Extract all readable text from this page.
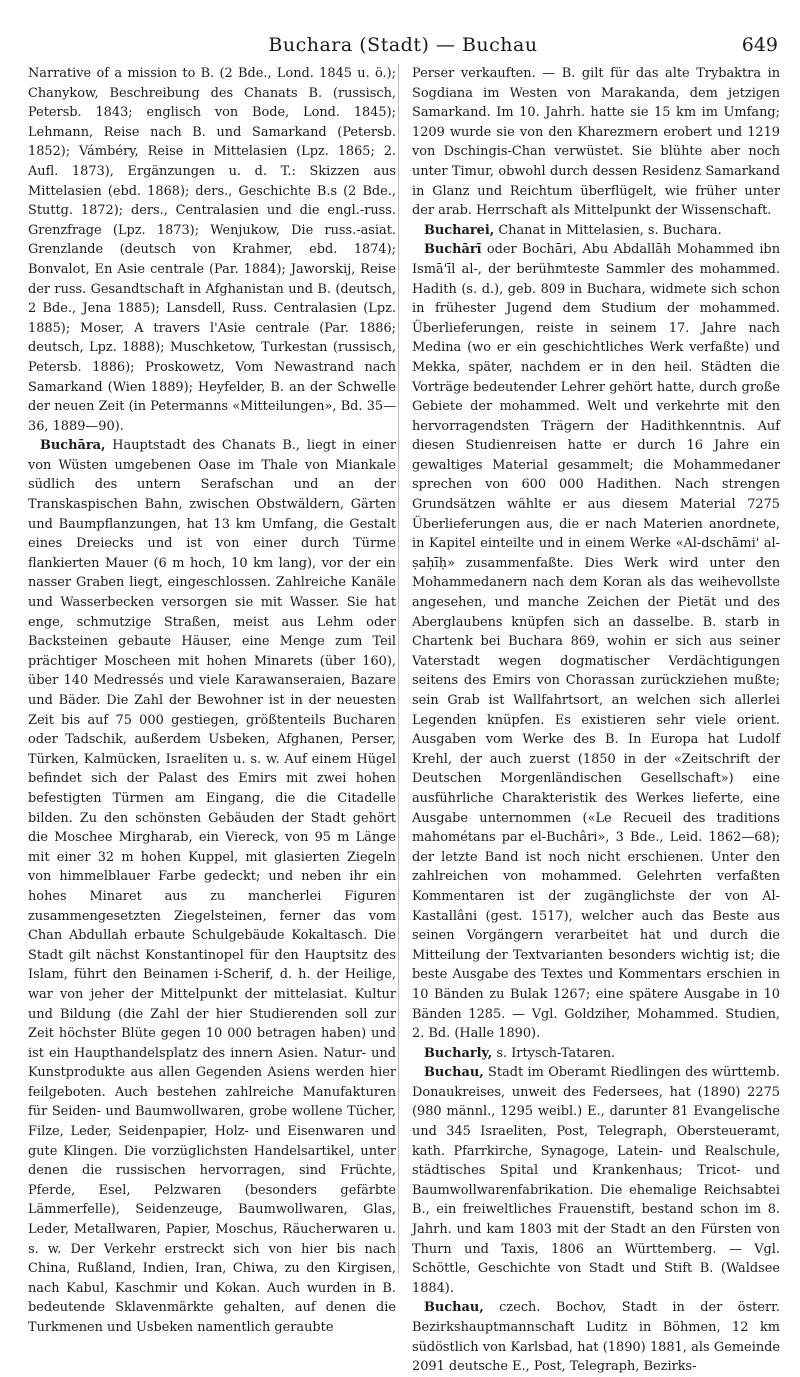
Buchara (Stadt) — Buchau	649

Narrative of a mission to B. (2 Bde., Lond. 1845 u. ö.); Chanykow, Beschreibung des Chanats B. (russisch, Petersb. 1843; englisch von Bode, Lond. 1845); Lehmann, Reise nach B. und Samarkand (Petersb. 1852); Vámbéry, Reise in Mittelasien (Lpz. 1865; 2. Aufl. 1873), Ergänzungen u. d. T.: Skizzen aus Mittelasien (ebd. 1868); ders., Geschichte B.s (2 Bde., Stuttg. 1872); ders., Centralasien und die engl.-russ. Grenzfrage (Lpz. 1873); Wenjukow, Die russ.-asiat. Grenzlande (deutsch von Krahmer, ebd. 1874); Bonvalot, En Asie centrale (Par. 1884); Jaworskij, Reise der russ. Gesandtschaft in Afghanistan und B. (deutsch, 2 Bde., Jena 1885); Lansdell, Russ. Centralasien (Lpz. 1885); Moser, A travers l'Asie centrale (Par. 1886; deutsch, Lpz. 1888); Muschketow, Turkestan (russisch, Petersb. 1886); Proskowetz, Vom Newastrand nach Samarkand (Wien 1889); Heyfelder, B. an der Schwelle der neuen Zeit (in Petermanns «Mitteilungen», Bd. 35—36, 1889—90).

Buchāra, Hauptstadt des Chanats B., liegt in einer von Wüsten umgebenen Oase im Thale von Miankale südlich des untern Serafschan und an der Transkaspischen Bahn, zwischen Obstwäldern, Gärten und Baumpflanzungen, hat 13 km Umfang, die Gestalt eines Dreiecks und ist von einer durch Türme flankierten Mauer (6 m hoch, 10 km lang), vor der ein nasser Graben liegt, eingeschlossen. Zahlreiche Kanäle und Wasserbecken versorgen sie mit Wasser. Sie hat enge, schmutzige Straßen, meist aus Lehm oder Backsteinen gebaute Häuser, eine Menge zum Teil prächtiger Moscheen mit hohen Minarets (über 160), über 140 Medressés und viele Karawanseraien, Bazare und Bäder. Die Zahl der Bewohner ist in der neuesten Zeit bis auf 75 000 gestiegen, größtenteils Bucharen oder Tadschik, außerdem Usbeken, Afghanen, Perser, Türken, Kalmücken, Israeliten u. s. w. Auf einem Hügel befindet sich der Palast des Emirs mit zwei hohen befestigten Türmen am Eingang, die die Citadelle bilden. Zu den schönsten Gebäuden der Stadt gehört die Moschee Mirgharab, ein Viereck, von 95 m Länge mit einer 32 m hohen Kuppel, mit glasierten Ziegeln von himmelblauer Farbe gedeckt; und neben ihr ein hohes Minaret aus zu mancherlei Figuren zusammengesetzten Ziegelsteinen, ferner das vom Chan Abdullah erbaute Schulgebäude Kokaltasch. Die Stadt gilt nächst Konstantinopel für den Hauptsitz des Islam, führt den Beinamen i-Scherif, d. h. der Heilige, war von jeher der Mittelpunkt der mittelasiat. Kultur und Bildung (die Zahl der hier Studierenden soll zur Zeit höchster Blüte gegen 10 000 betragen haben) und ist ein Haupthandelsplatz des innern Asien. Natur- und Kunstprodukte aus allen Gegenden Asiens werden hier feilgeboten. Auch bestehen zahlreiche Manufakturen für Seiden- und Baumwollwaren, grobe wollene Tücher, Filze, Leder, Seidenpapier, Holz- und Eisenwaren und gute Klingen. Die vorzüglichsten Handelsartikel, unter denen die russischen hervorragen, sind Früchte, Pferde, Esel, Pelzwaren (besonders gefärbte Lämmerfelle), Seidenzeuge, Baumwollwaren, Glas, Leder, Metallwaren, Papier, Moschus, Räucherwaren u. s. w. Der Verkehr erstreckt sich von hier bis nach China, Rußland, Indien, Iran, Chiwa, zu den Kirgisen, nach Kabul, Kaschmir und Kokan. Auch wurden in B. bedeutende Sklavenmärkte gehalten, auf denen die Turkmenen und Usbeken namentlich geraubte

Perser verkauften. — B. gilt für das alte Trybaktra in Sogdiana im Westen von Marakanda, dem jetzigen Samarkand. Im 10. Jahrh. hatte sie 15 km im Umfang; 1209 wurde sie von den Kharezmern erobert und 1219 von Dschingis-Chan verwüstet. Sie blühte aber noch unter Timur, obwohl durch dessen Residenz Samarkand in Glanz und Reichtum überflügelt, wie früher unter der arab. Herrschaft als Mittelpunkt der Wissenschaft.

Bucharei, Chanat in Mittelasien, s. Buchara.

Buchārī oder Bochāri, Abu Abdallāh Mohammed ibn Ismā'īl al-, der berühmteste Sammler des mohammed. Hadith (s. d.), geb. 809 in Buchara, widmete sich schon in frühester Jugend dem Studium der mohammed. Überlieferungen, reiste in seinem 17. Jahre nach Medina (wo er ein geschichtliches Werk verfaßte) und Mekka, später, nachdem er in den heil. Städten die Vorträge bedeutender Lehrer gehört hatte, durch große Gebiete der mohammed. Welt und verkehrte mit den hervorragendsten Trägern der Hadithkenntnis. Auf diesen Studienreisen hatte er durch 16 Jahre ein gewaltiges Material gesammelt; die Mohammedaner sprechen von 600 000 Hadithen. Nach strengen Grundsätzen wählte er aus diesem Material 7275 Überlieferungen aus, die er nach Materien anordnete, in Kapitel einteilte und in einem Werke «Al-dschāmi' al-ṣaḥīḥ» zusammenfaßte. Dies Werk wird unter den Mohammedanern nach dem Koran als das weihevollste angesehen, und manche Zeichen der Pietät und des Aberglaubens knüpfen sich an dasselbe. B. starb in Chartenk bei Buchara 869, wohin er sich aus seiner Vaterstadt wegen dogmatischer Verdächtigungen seitens des Emirs von Chorassan zurückziehen mußte; sein Grab ist Wallfahrtsort, an welchen sich allerlei Legenden knüpfen. Es existieren sehr viele orient. Ausgaben vom Werke des B. In Europa hat Ludolf Krehl, der auch zuerst (1850 in der «Zeitschrift der Deutschen Morgenländischen Gesellschaft») eine ausführliche Charakteristik des Werkes lieferte, eine Ausgabe unternommen («Le Recueil des traditions mahométans par el-Buchâri», 3 Bde., Leid. 1862—68); der letzte Band ist noch nicht erschienen. Unter den zahlreichen von mohammed. Gelehrten verfaßten Kommentaren ist der zugänglichste der von Al-Kastallâni (gest. 1517), welcher auch das Beste aus seinen Vorgängern verarbeitet hat und durch die Mitteilung der Textvarianten besonders wichtig ist; die beste Ausgabe des Textes und Kommentars erschien in 10 Bänden zu Bulak 1267; eine spätere Ausgabe in 10 Bänden 1285. — Vgl. Goldziher, Mohammed. Studien, 2. Bd. (Halle 1890).

Bucharly, s. Irtysch-Tataren.

Buchau, Stadt im Oberamt Riedlingen des württemb. Donaukreises, unweit des Federsees, hat (1890) 2275 (980 männl., 1295 weibl.) E., darunter 81 Evangelische und 345 Israeliten, Post, Telegraph, Obersteueramt, kath. Pfarrkirche, Synagoge, Latein- und Realschule, städtisches Spital und Krankenhaus; Tricot- und Baumwollwarenfabrikation. Die ehemalige Reichsabtei B., ein freiweltliches Frauenstift, bestand schon im 8. Jahrh. und kam 1803 mit der Stadt an den Fürsten von Thurn und Taxis, 1806 an Württemberg. — Vgl. Schöttle, Geschichte von Stadt und Stift B. (Waldsee 1884).

Buchau, czech. Bochov, Stadt in der österr. Bezirkshauptmannschaft Luditz in Böhmen, 12 km südöstlich von Karlsbad, hat (1890) 1881, als Gemeinde 2091 deutsche E., Post, Telegraph, Bezirks-
